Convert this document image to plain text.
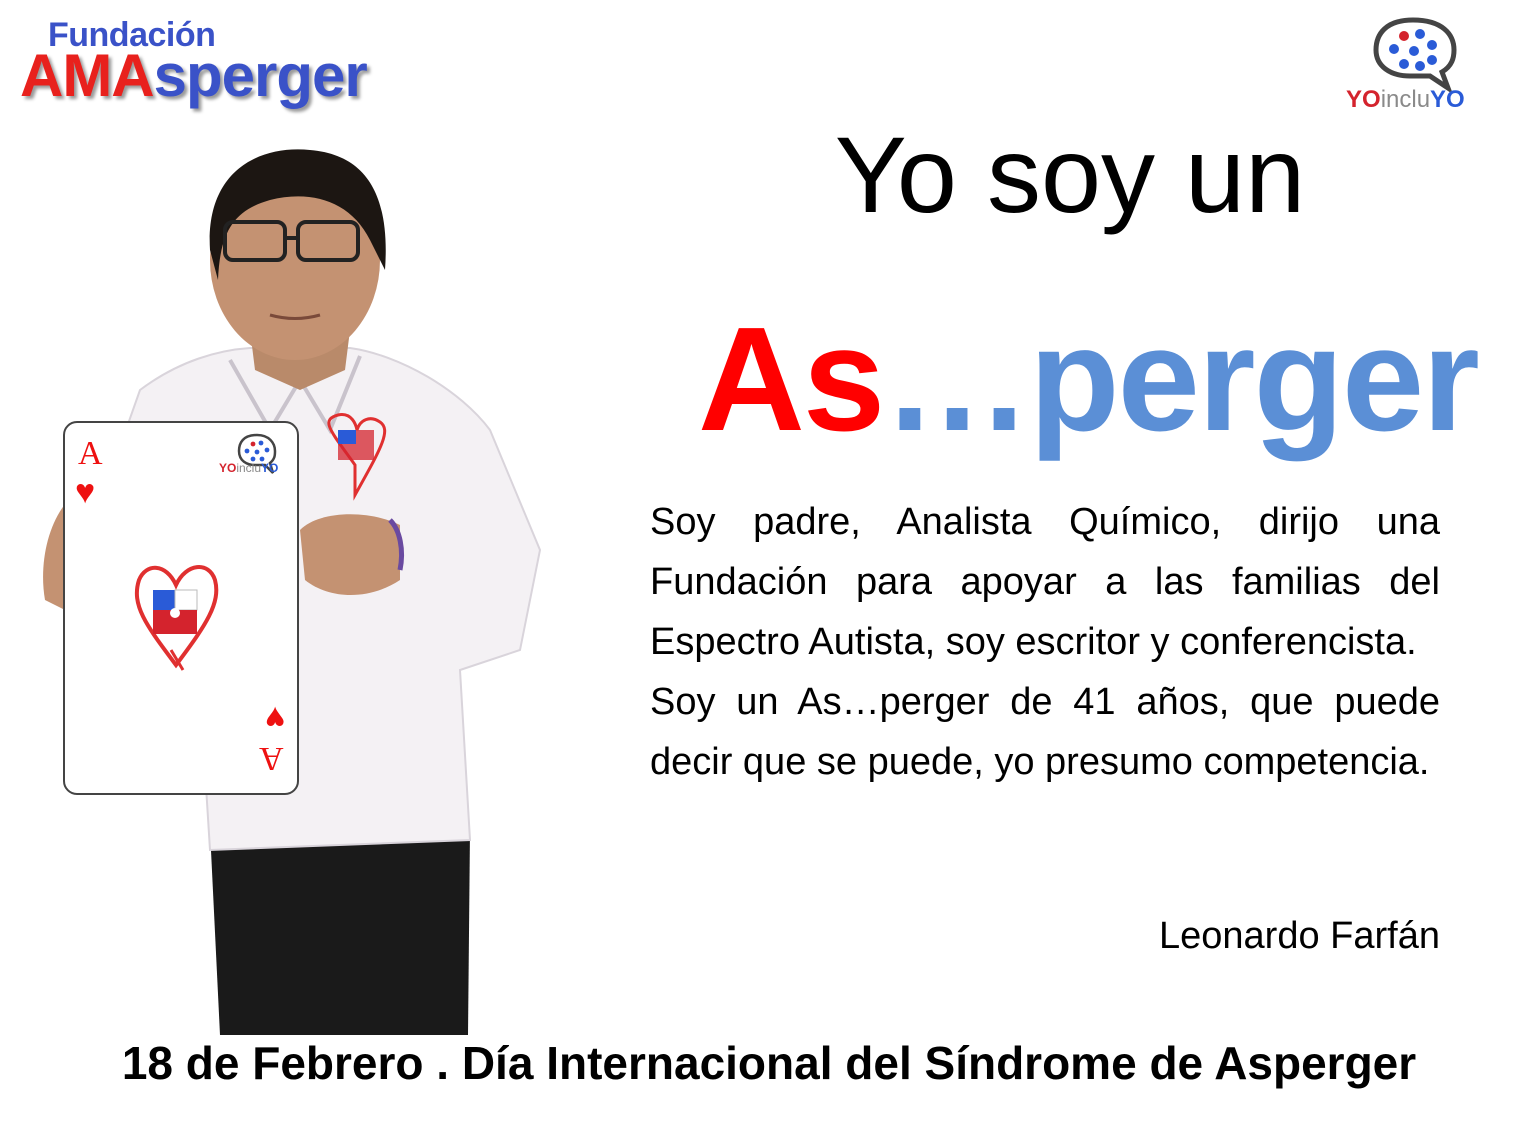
Fundación
AMAsperger	YOincluYO
A
♥
♥
A
YOincluYO
Yo soy un
As…perger

Soy padre, Analista Químico, dirijo una Fundación para apoyar a las familias del Espectro Autista, soy escritor y conferencista.

Soy un As…perger de 41 años, que puede decir que se puede, yo presumo competencia.

Leonardo Farfán
18 de Febrero . Día Internacional del Síndrome de Asperger
